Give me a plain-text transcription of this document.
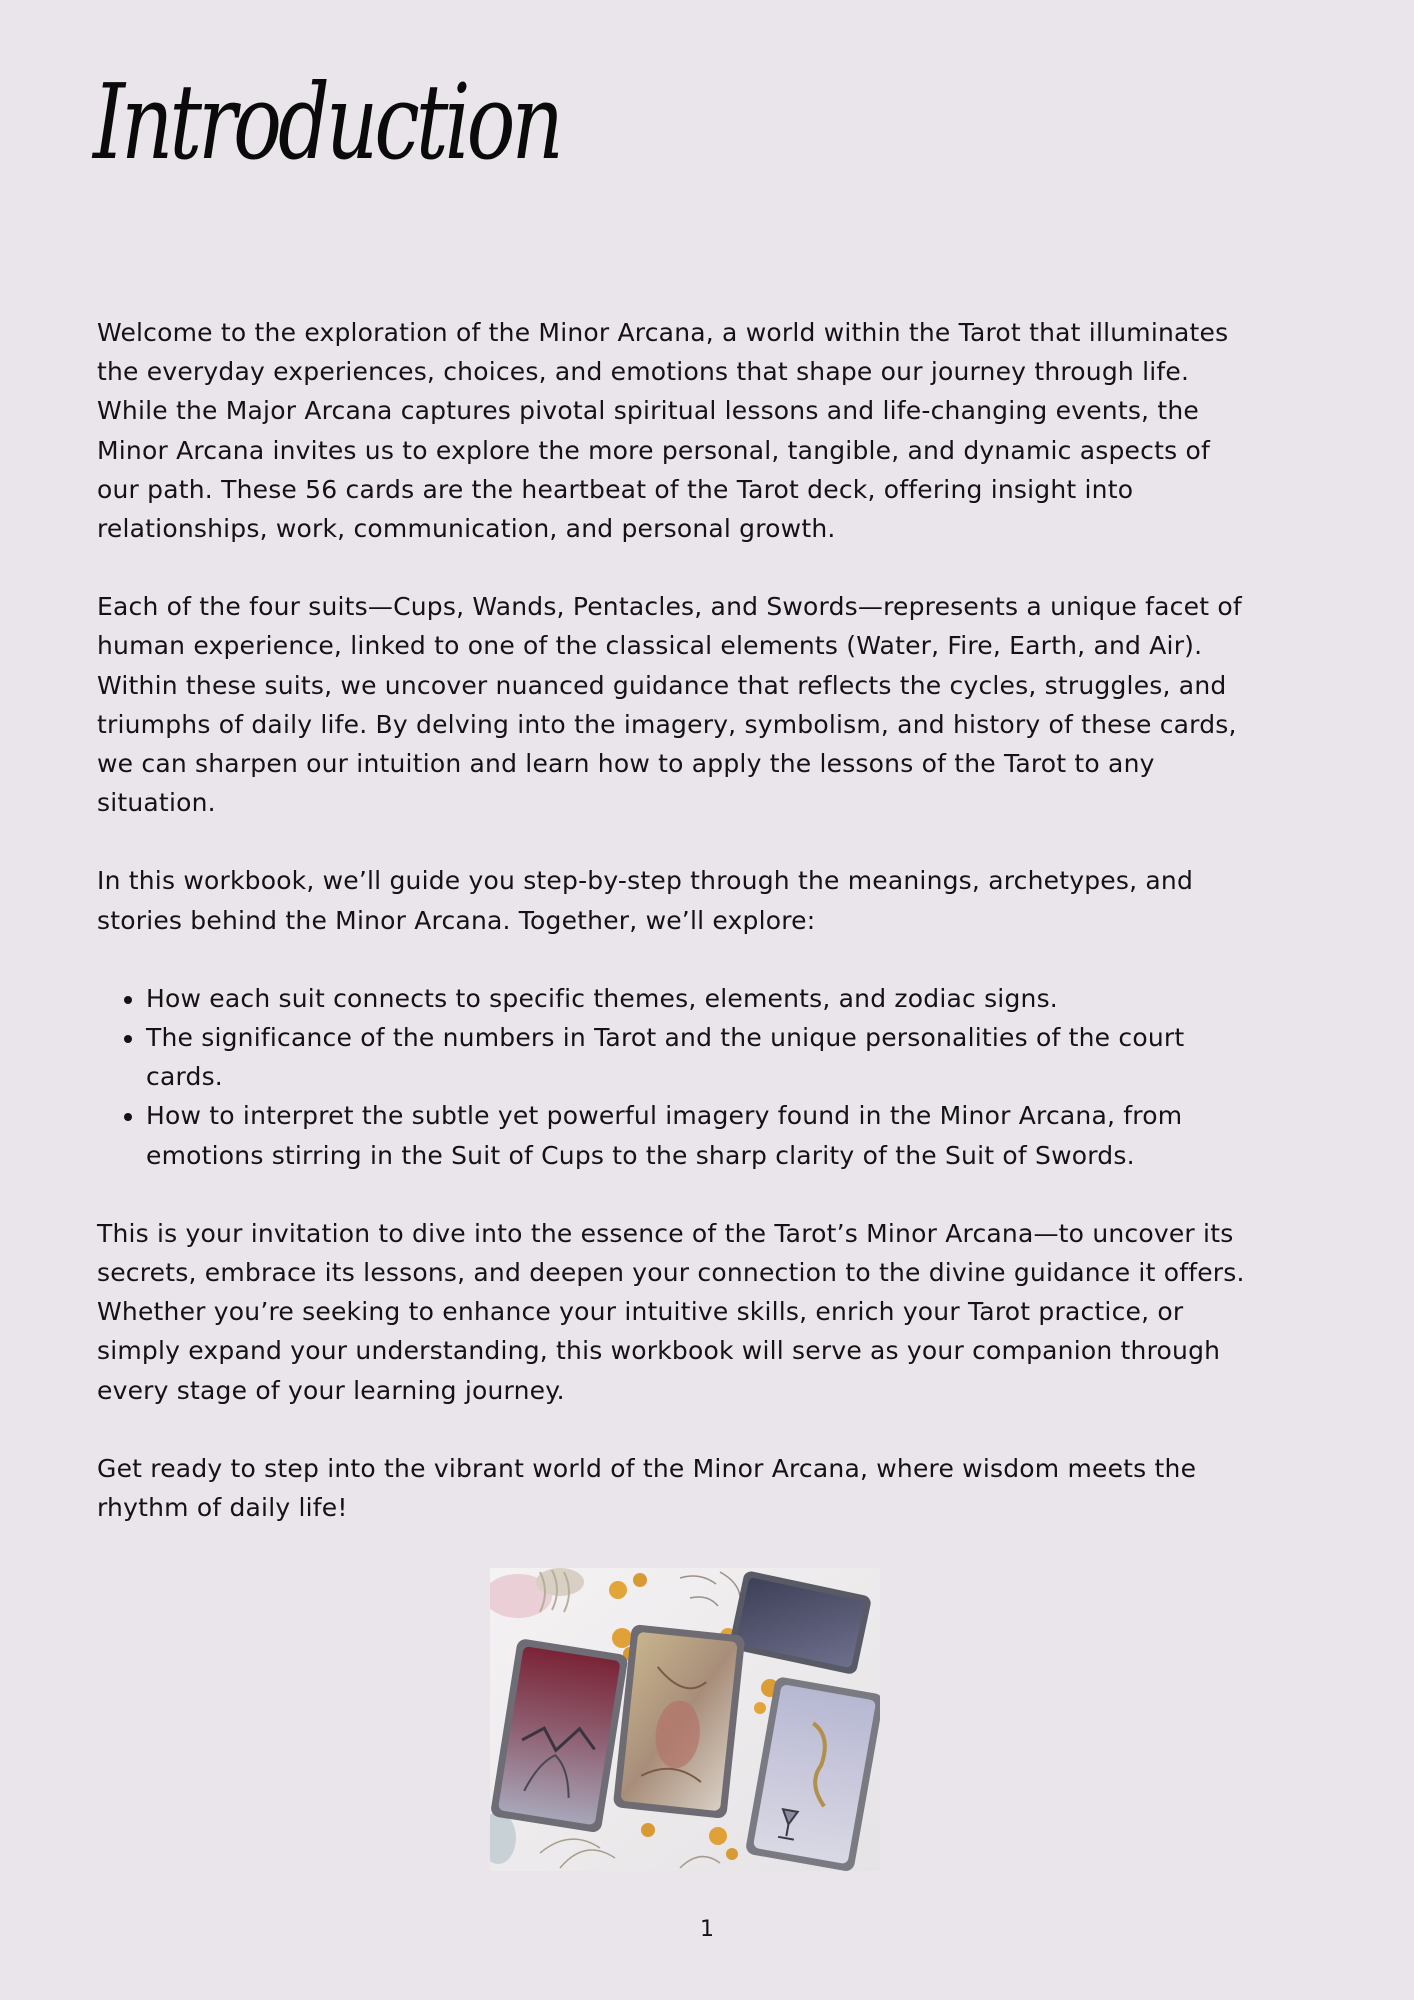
Introduction

Welcome to the exploration of the Minor Arcana, a world within the Tarot that illuminates the everyday experiences, choices, and emotions that shape our journey through life. While the Major Arcana captures pivotal spiritual lessons and life-changing events, the Minor Arcana invites us to explore the more personal, tangible, and dynamic aspects of our path. These 56 cards are the heartbeat of the Tarot deck, offering insight into relationships, work, communication, and personal growth.

Each of the four suits—Cups, Wands, Pentacles, and Swords—represents a unique facet of human experience, linked to one of the classical elements (Water, Fire, Earth, and Air). Within these suits, we uncover nuanced guidance that reflects the cycles, struggles, and triumphs of daily life. By delving into the imagery, symbolism, and history of these cards, we can sharpen our intuition and learn how to apply the lessons of the Tarot to any situation.

In this workbook, we’ll guide you step-by-step through the meanings, archetypes, and stories behind the Minor Arcana. Together, we’ll explore:

• How each suit connects to specific themes, elements, and zodiac signs.
• The significance of the numbers in Tarot and the unique personalities of the court cards.
• How to interpret the subtle yet powerful imagery found in the Minor Arcana, from emotions stirring in the Suit of Cups to the sharp clarity of the Suit of Swords.

This is your invitation to dive into the essence of the Tarot’s Minor Arcana—to uncover its secrets, embrace its lessons, and deepen your connection to the divine guidance it offers. Whether you’re seeking to enhance your intuitive skills, enrich your Tarot practice, or simply expand your understanding, this workbook will serve as your companion through every stage of your learning journey.

Get ready to step into the vibrant world of the Minor Arcana, where wisdom meets the rhythm of daily life!

1
